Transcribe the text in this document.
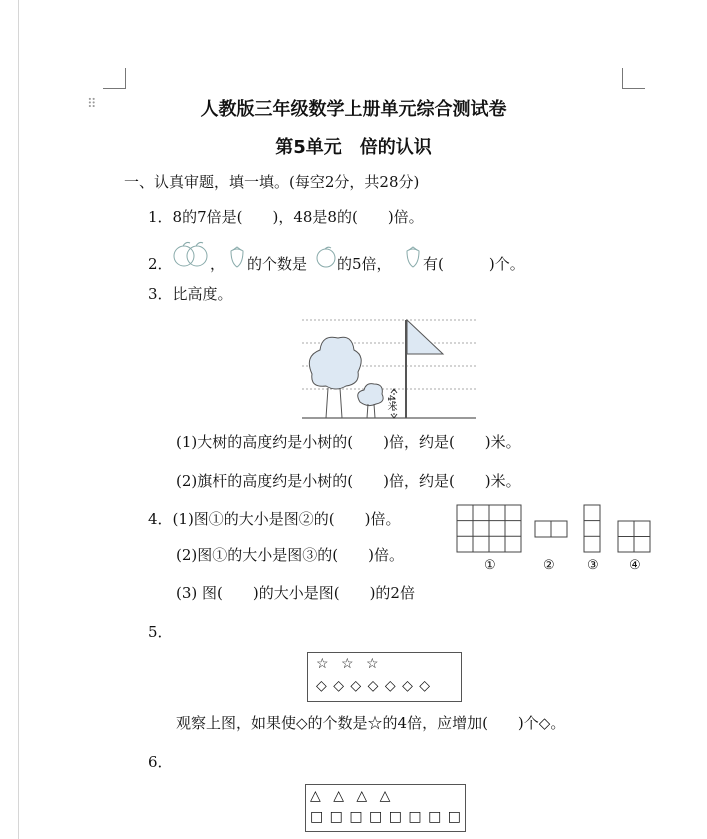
⠿	人教版三年级数学上册单元综合测试卷
第5单元　倍的认识
一、认真审题，填一填。(每空2分，共28分)
1．8的7倍是(　　)，48是8的(　　)倍。
2． ， 的个数是 的5倍， 有(　　　)个。
3．比高度。
4米
(1)大树的高度约是小树的(　　)倍，约是(　　)米。
(2)旗杆的高度约是小树的(　　)倍，约是(　　)米。
4．(1)图①的大小是图②的(　　)倍。
(2)图①的大小是图③的(　　)倍。
(3) 图(　　)的大小是图(　　)的2倍
①	② ③ ④
5．
☆ ☆ ☆
◇ ◇ ◇ ◇ ◇ ◇ ◇
观察上图，如果使◇的个数是☆的4倍，应增加(　　)个◇。
6．
△ △ △ △
□ □ □ □ □ □ □ □
